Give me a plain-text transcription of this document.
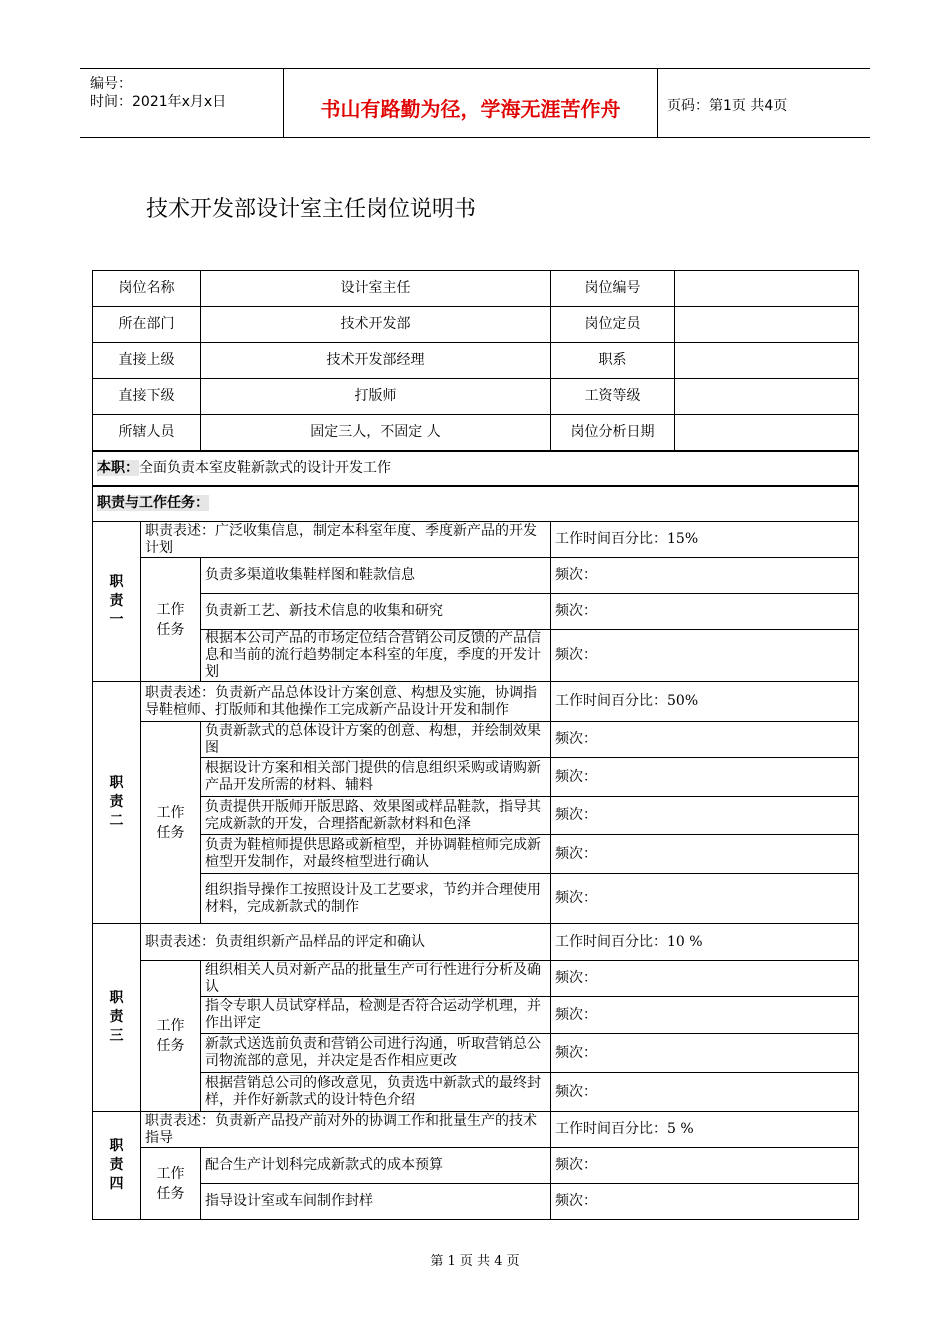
编号：
时间：2021年x月x日	书山有路勤为径，学海无涯苦作舟	页码：第1页 共4页
技术开发部设计室主任岗位说明书
岗位名称		设计室主任	岗位编号	
所在部门		技术开发部	岗位定员	
直接上级		技术开发部经理	职系	
直接下级		打版师	工资等级	
所辖人员		固定三人，不固定 人	岗位分析日期	
本职：全面负责本室皮鞋新款式的设计开发工作				
职责与工作任务：				

职
责
一	职责表述：广泛收集信息，制定本科室年度、季度新产品的开发计划		工作时间百分比：15%	

	工作
任务	负责多渠道收集鞋样图和鞋款信息	频次：	
		负责新工艺、新技术信息的收集和研究	频次：	
		根据本公司产品的市场定位结合营销公司反馈的产品信息和当前的流行趋势制定本科室的年度，季度的开发计划	频次：	

职
责
二	职责表述：负责新产品总体设计方案创意、构想及实施，协调指导鞋楦师、打版师和其他操作工完成新产品设计开发和制作		工作时间百分比：50%	

	工作
任务	负责新款式的总体设计方案的创意、构想，并绘制效果图	频次：	
		根据设计方案和相关部门提供的信息组织采购或请购新产品开发所需的材料、辅料	频次：	
		负责提供开版师开版思路、效果图或样品鞋款，指导其完成新款的开发，合理搭配新款材料和色泽	频次：	
		负责为鞋楦师提供思路或新楦型，并协调鞋楦师完成新楦型开发制作，对最终楦型进行确认	频次：	
		组织指导操作工按照设计及工艺要求，节约并合理使用材料，完成新款式的制作	频次：	

职
责
三	职责表述：负责组织新产品样品的评定和确认		工作时间百分比：10 %	

	工作
任务	组织相关人员对新产品的批量生产可行性进行分析及确认	频次：	
		指令专职人员试穿样品，检测是否符合运动学机理，并作出评定	频次：	
		新款式送选前负责和营销公司进行沟通，听取营销总公司物流部的意见，并决定是否作相应更改	频次：	
		根据营销总公司的修改意见，负责选中新款式的最终封样，并作好新款式的设计特色介绍	频次：	

职
责
四	职责表述：负责新产品投产前对外的协调工作和批量生产的技术指导		工作时间百分比：5 %	

	工作
任务	配合生产计划科完成新款式的成本预算	频次：	
		指导设计室或车间制作封样	频次：	
第 1 页 共 4 页
